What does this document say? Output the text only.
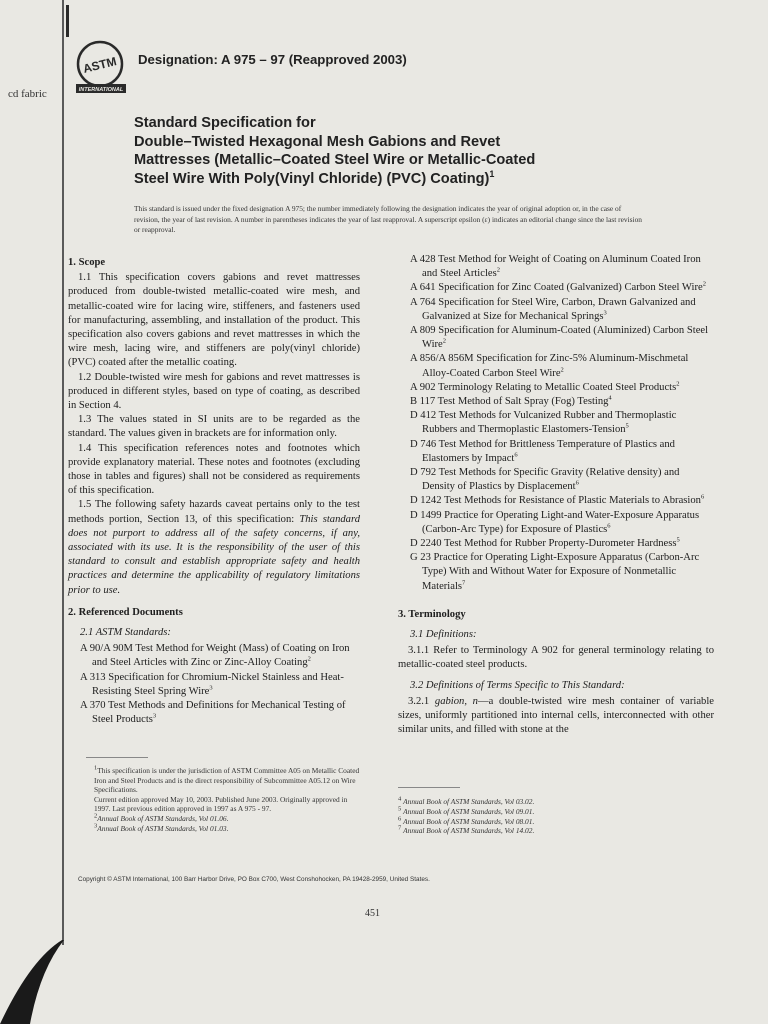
cd fabric
ASTM
INTERNATIONAL
Designation: A 975 – 97 (Reapproved 2003)
Standard Specification for
Double–Twisted Hexagonal Mesh Gabions and Revet
Mattresses (Metallic–Coated Steel Wire or Metallic-Coated
Steel Wire With Poly(Vinyl Chloride) (PVC) Coating)$^1$
This standard is issued under the fixed designation A 975; the number immediately following the designation indicates the year of original adoption or, in the case of revision, the year of last revision. A number in parentheses indicates the year of last reapproval. A superscript epsilon (ε) indicates an editorial change since the last revision or reapproval.
1. Scope

1.1 This specification covers gabions and revet mattresses produced from double-twisted metallic-coated wire mesh, and metallic-coated wire for lacing wire, stiffeners, and fasteners used for manufacturing, assembling, and installation of the product. This specification also covers gabions and revet mattresses in which the wire mesh, lacing wire, and stiffeners are poly(vinyl chloride) (PVC) coated after the metallic coating.

1.2 Double-twisted wire mesh for gabions and revet mattresses is produced in different styles, based on type of coating, as described in Section 4.

1.3 The values stated in SI units are to be regarded as the standard. The values given in brackets are for information only.

1.4 This specification references notes and footnotes which provide explanatory material. These notes and footnotes (excluding those in tables and figures) shall not be considered as requirements of this specification.

1.5 The following safety hazards caveat pertains only to the test methods portion, Section 13, of this specification: This standard does not purport to address all of the safety concerns, if any, associated with its use. It is the responsibility of the user of this standard to consult and establish appropriate safety and health practices and determine the applicability of regulatory limitations prior to use.

2. Referenced Documents
2.1 ASTM Standards:
A 90/A 90M Test Method for Weight (Mass) of Coating on Iron and Steel Articles with Zinc or Zinc-Alloy Coating$^2$
A 313 Specification for Chromium-Nickel Stainless and Heat-Resisting Steel Spring Wire$^3$
A 370 Test Methods and Definitions for Mechanical Testing of Steel Products$^3$
A 428 Test Method for Weight of Coating on Aluminum Coated Iron and Steel Articles$^2$
A 641 Specification for Zinc Coated (Galvanized) Carbon Steel Wire$^2$
A 764 Specification for Steel Wire, Carbon, Drawn Galvanized and Galvanized at Size for Mechanical Springs$^3$
A 809 Specification for Aluminum-Coated (Aluminized) Carbon Steel Wire$^2$
A 856/A 856M Specification for Zinc-5% Aluminum-Mischmetal Alloy-Coated Carbon Steel Wire$^2$
A 902 Terminology Relating to Metallic Coated Steel Products$^2$
B 117 Test Method of Salt Spray (Fog) Testing$^4$
D 412 Test Methods for Vulcanized Rubber and Thermoplastic Rubbers and Thermoplastic Elastomers-Tension$^5$
D 746 Test Method for Brittleness Temperature of Plastics and Elastomers by Impact$^6$
D 792 Test Methods for Specific Gravity (Relative density) and Density of Plastics by Displacement$^6$
D 1242 Test Methods for Resistance of Plastic Materials to Abrasion$^6$
D 1499 Practice for Operating Light-and Water-Exposure Apparatus (Carbon-Arc Type) for Exposure of Plastics$^6$
D 2240 Test Method for Rubber Property-Durometer Hardness$^5$
G 23 Practice for Operating Light-Exposure Apparatus (Carbon-Arc Type) With and Without Water for Exposure of Nonmetallic Materials$^7$
3. Terminology
3.1 Definitions:

3.1.1 Refer to Terminology A 902 for general terminology relating to metallic-coated steel products.

3.2 Definitions of Terms Specific to This Standard:

3.2.1 gabion, n—a double-twisted wire mesh container of variable sizes, uniformly partitioned into internal cells, interconnected with other similar units, and filled with stone at the

$^1$This specification is under the jurisdiction of ASTM Committee A05 on Metallic Coated Iron and Steel Products and is the direct responsibility of Subcommittee A05.12 on Wire Specifications.
Current edition approved May 10, 2003. Published June 2003. Originally approved in 1997. Last previous edition approved in 1997 as A 975 - 97.
$^2$Annual Book of ASTM Standards, Vol 01.06.
$^3$Annual Book of ASTM Standards, Vol 01.03.
$^4$ Annual Book of ASTM Standards, Vol 03.02.
$^5$ Annual Book of ASTM Standards, Vol 09.01.
$^6$ Annual Book of ASTM Standards, Vol 08.01.
$^7$ Annual Book of ASTM Standards, Vol 14.02.
Copyright © ASTM International, 100 Barr Harbor Drive, PO Box C700, West Conshohocken, PA 19428-2959, United States.
451
